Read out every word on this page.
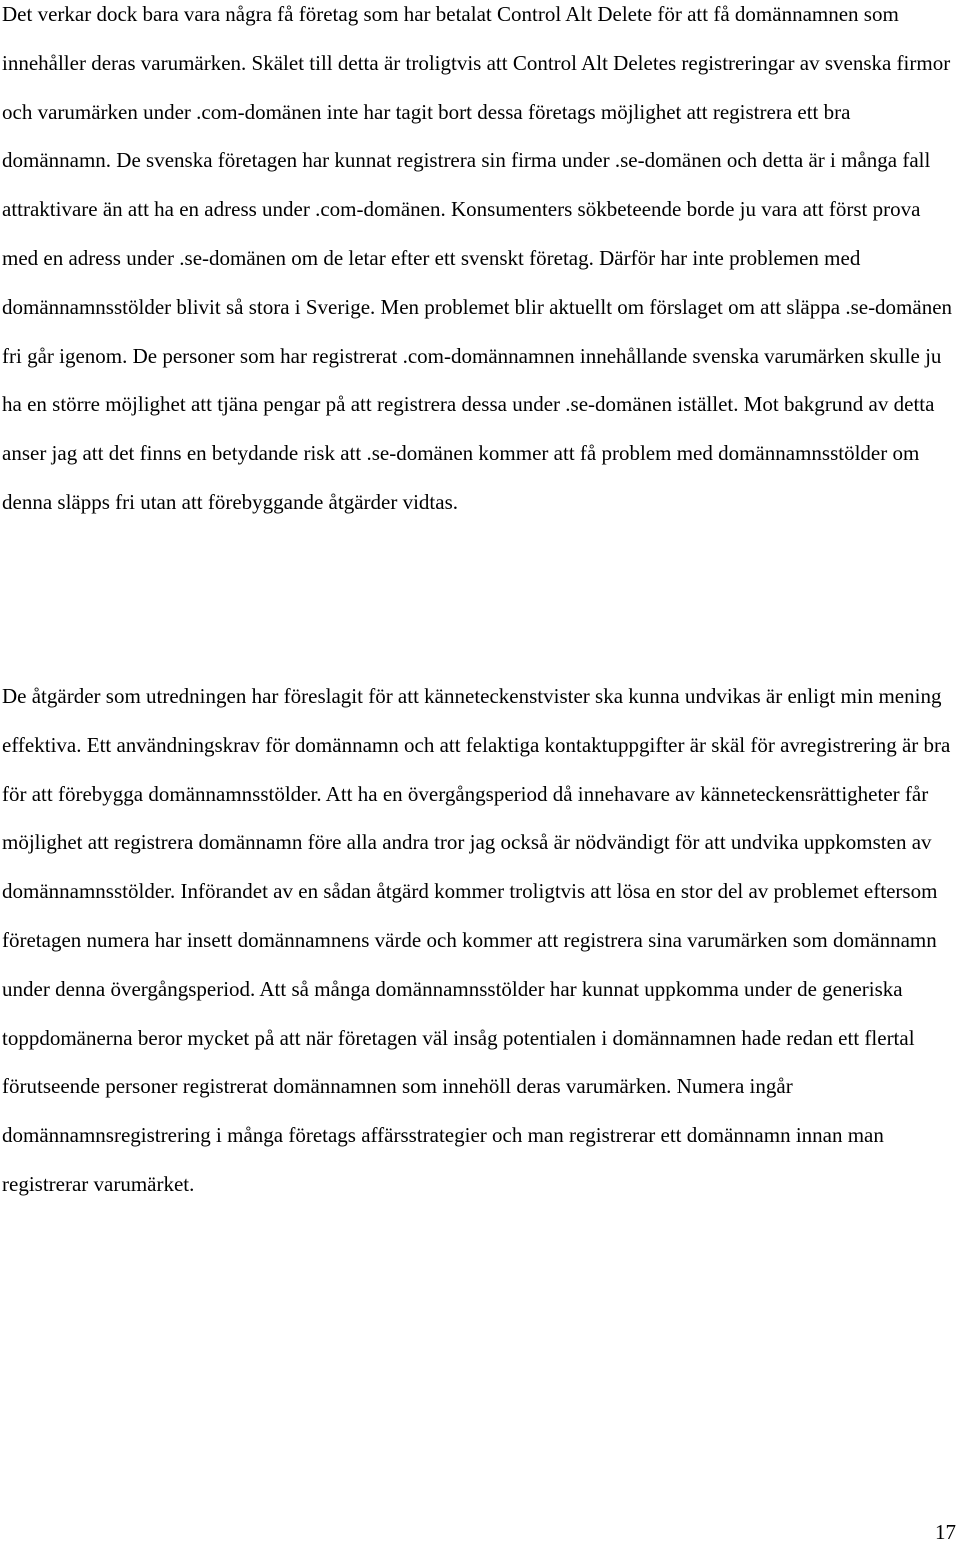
Det verkar dock bara vara några få företag som har betalat Control Alt Delete för att få domännamnen som innehåller deras varumärken. Skälet till detta är troligtvis att Control Alt Deletes registreringar av svenska firmor och varumärken under .com-domänen inte har tagit bort dessa företags möjlighet att registrera ett bra domännamn. De svenska företagen har kunnat registrera sin firma under .se-domänen och detta är i många fall attraktivare än att ha en adress under .com-domänen. Konsumenters sökbeteende borde ju vara att först prova med en adress under .se-domänen om de letar efter ett svenskt företag. Därför har inte problemen med domännamnsstölder blivit så stora i Sverige. Men problemet blir aktuellt om förslaget om att släppa .se-domänen fri går igenom. De personer som har registrerat .com-domännamnen innehållande svenska varumärken skulle ju ha en större möjlighet att tjäna pengar på att registrera dessa under .se-domänen istället. Mot bakgrund av detta anser jag att det finns en betydande risk att .se-domänen kommer att få problem med domännamnsstölder om denna släpps fri utan att förebyggande åtgärder vidtas.

De åtgärder som utredningen har föreslagit för att känneteckenstvister ska kunna undvikas är enligt min mening effektiva. Ett användningskrav för domännamn och att felaktiga kontaktuppgifter är skäl för avregistrering är bra för att förebygga domännamnsstölder. Att ha en övergångsperiod då innehavare av känneteckensrättigheter får möjlighet att registrera domännamn före alla andra tror jag också är nödvändigt för att undvika uppkomsten av domännamnsstölder. Införandet av en sådan åtgärd kommer troligtvis att lösa en stor del av problemet eftersom företagen numera har insett domännamnens värde och kommer att registrera sina varumärken som domännamn under denna övergångsperiod. Att så många domännamnsstölder har kunnat uppkomma under de generiska toppdomänerna beror mycket på att när företagen väl insåg potentialen i domännamnen hade redan ett flertal förutseende personer registrerat domännamnen som innehöll deras varumärken. Numera ingår domännamnsregistrering i många företags affärsstrategier och man registrerar ett domännamn innan man registrerar varumärket.

17
